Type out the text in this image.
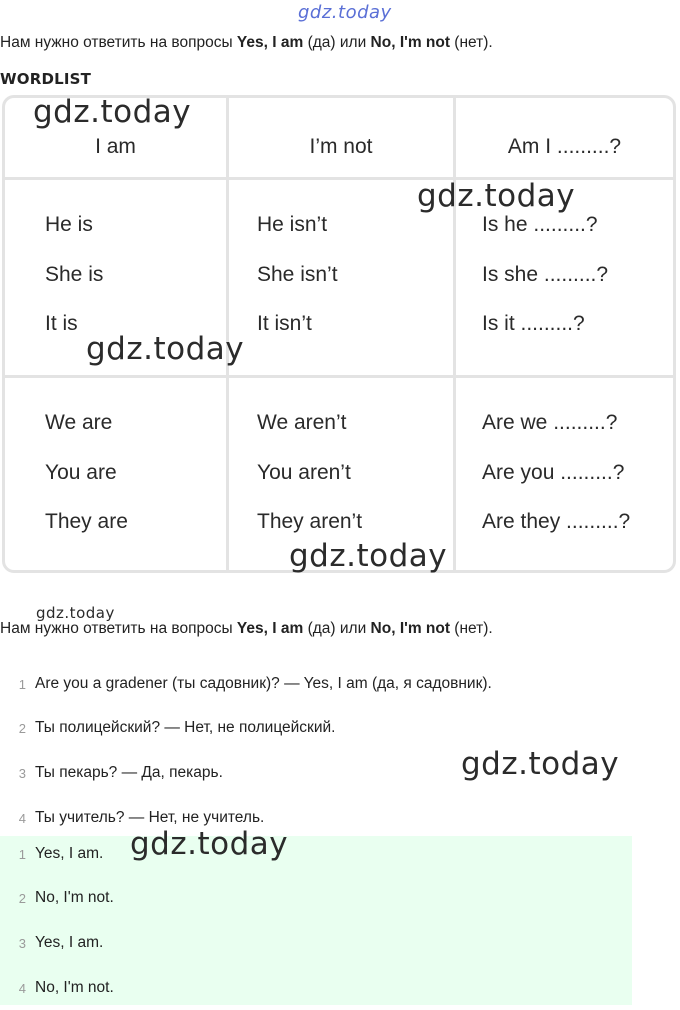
gdz.today
Нам нужно ответить на вопросы Yes, I am (да) или No, I'm not (нет).
WORDLIST
I am	I’m not	Am I .........?
He is
She is
It is
He isn’t
She isn’t
It isn’t
Is he .........?
Is she .........?
Is it .........?
We are
You are
They are
We aren’t
You aren’t
They aren’t
Are we .........?
Are you .........?
Are they .........?
gdz.today
gdz.today
gdz.today
gdz.today
gdz.today
Нам нужно ответить на вопросы Yes, I am (да) или No, I'm not (нет).
1 Are you a gradener (ты садовник)? — Yes, I am (да, я садовник).
2 Ты полицейский? — Нет, не полицейский.
3 Ты пекарь? — Да, пекарь.
4 Ты учитель? — Нет, не учитель.
1 Yes, I am.
2 No, I'm not.
3 Yes, I am.
4 No, I'm not.
gdz.today
gdz.today
